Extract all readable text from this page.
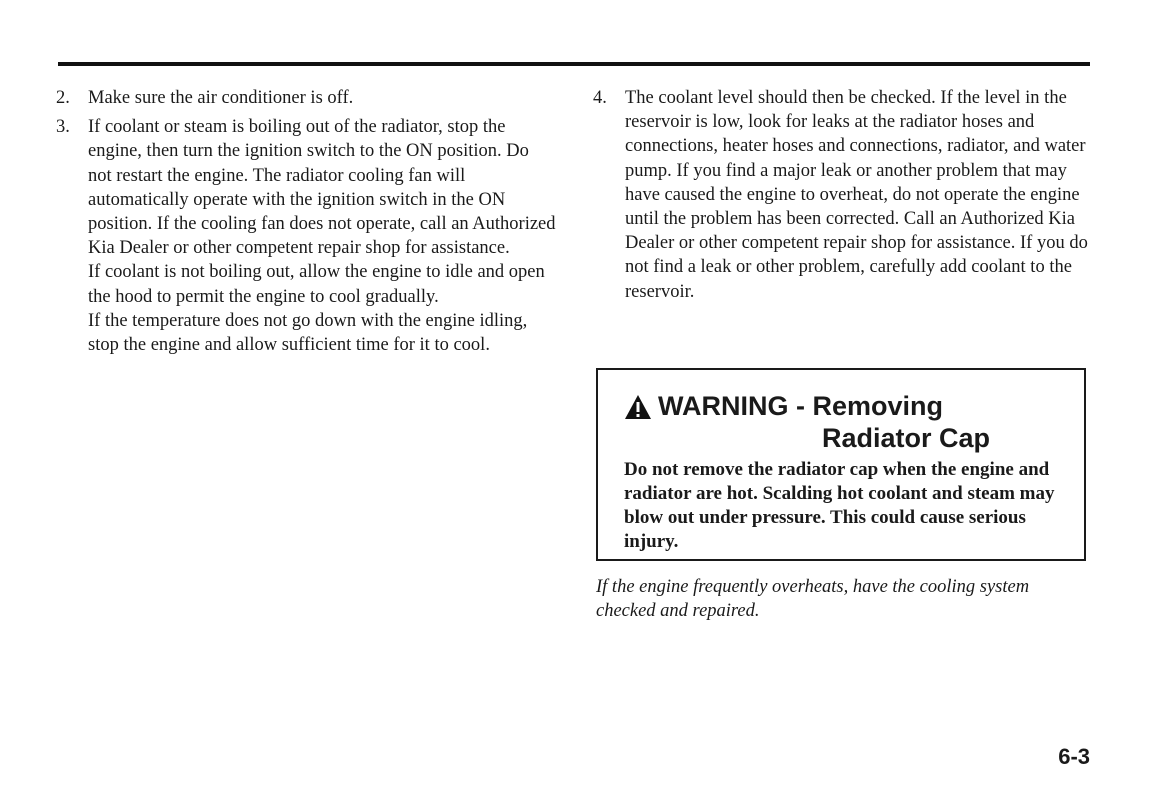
2. Make sure the air conditioner is off.

3. If coolant or steam is boiling out of the radiator, stop the engine, then turn the ignition switch to the ON position. Do not restart the engine. The radiator cooling fan will automatically operate with the ignition switch in the ON position. If the cooling fan does not operate, call an Authorized Kia Dealer or other competent repair shop for assistance.

If coolant is not boiling out, allow the engine to idle and open the hood to permit the engine to cool gradually.

If the temperature does not go down with the engine idling, stop the engine and allow sufficient time for it to cool.

4. The coolant level should then be checked. If the level in the reservoir is low, look for leaks at the radiator hoses and connections, heater hoses and connections, radiator, and water pump. If you find a major leak or another problem that may have caused the engine to overheat, do not operate the engine until the problem has been corrected. Call an Authorized Kia Dealer or other competent repair shop for assistance. If you do not find a leak or other problem, carefully add coolant to the reservoir.

WARNING - Removing
Radiator Cap
Do not remove the radiator cap when the engine and radiator are hot. Scalding hot coolant and steam may blow out under pressure. This could cause serious injury.
If the engine frequently overheats, have the cooling system checked and repaired.
6-3
